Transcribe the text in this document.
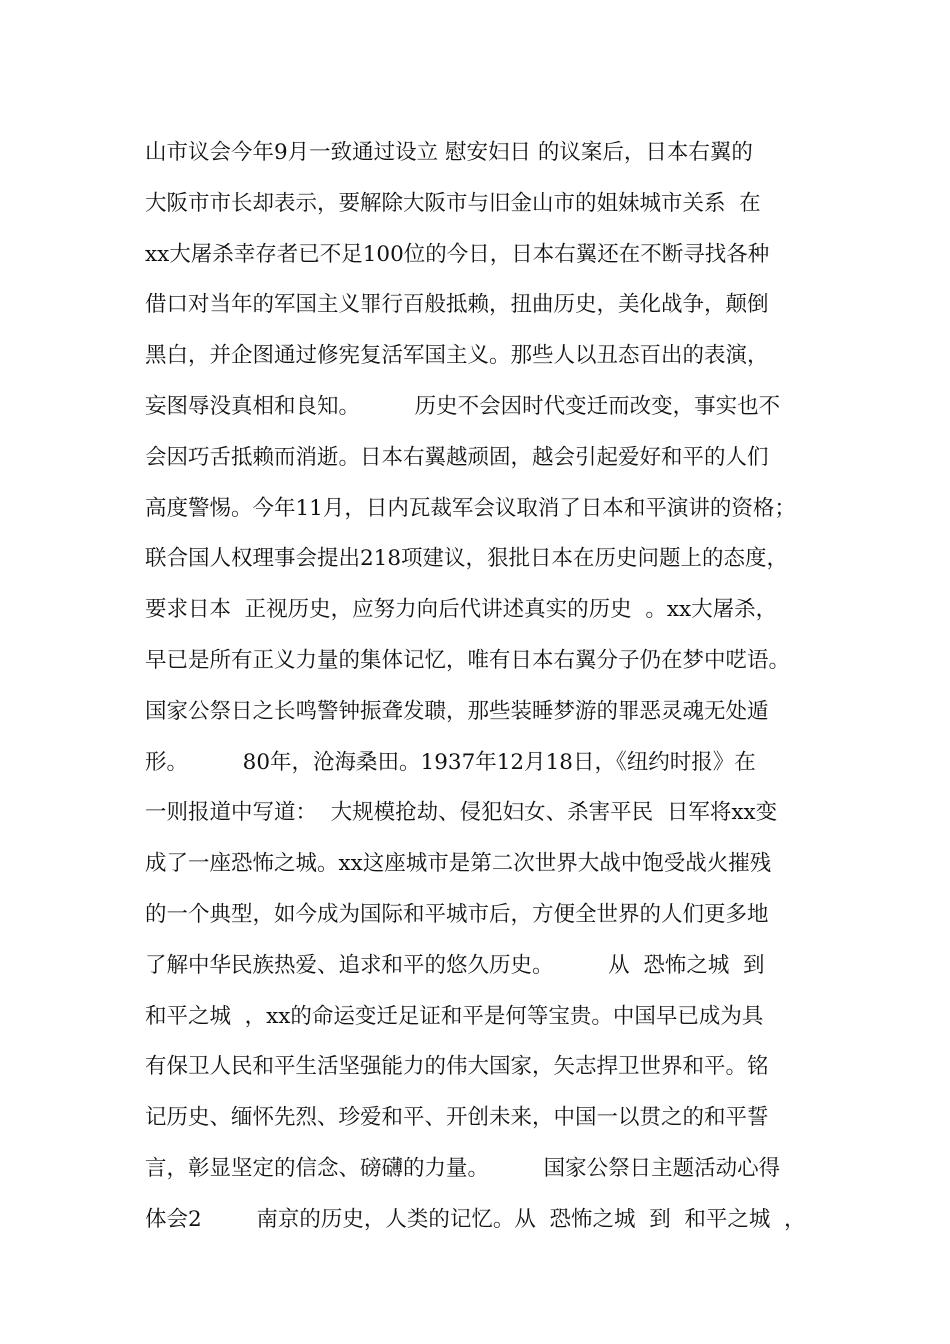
山市议会今年9月一致通过设立 慰安妇日 的议案后，日本右翼的
大阪市市长却表示，要解除大阪市与旧金山市的姐妹城市关系  在
xx大屠杀幸存者已不足100位的今日，日本右翼还在不断寻找各种
借口对当年的军国主义罪行百般抵赖，扭曲历史，美化战争，颠倒
黑白，并企图通过修宪复活军国主义。那些人以丑态百出的表演，
妄图辱没真相和良知。        历史不会因时代变迁而改变，事实也不
会因巧舌抵赖而消逝。日本右翼越顽固，越会引起爱好和平的人们
高度警惕。今年11月，日内瓦裁军会议取消了日本和平演讲的资格；
联合国人权理事会提出218项建议，狠批日本在历史问题上的态度，
要求日本  正视历史，应努力向后代讲述真实的历史  。xx大屠杀，
早已是所有正义力量的集体记忆，唯有日本右翼分子仍在梦中呓语。
国家公祭日之长鸣警钟振聋发聩，那些装睡梦游的罪恶灵魂无处遁
形。        80年，沧海桑田。1937年12月18日，《纽约时报》在
一则报道中写道：  大规模抢劫、侵犯妇女、杀害平民  日军将xx变
成了一座恐怖之城。xx这座城市是第二次世界大战中饱受战火摧残
的一个典型，如今成为国际和平城市后，方便全世界的人们更多地
了解中华民族热爱、追求和平的悠久历史。        从  恐怖之城  到
和平之城  ，xx的命运变迁足证和平是何等宝贵。中国早已成为具
有保卫人民和平生活坚强能力的伟大国家，矢志捍卫世界和平。铭
记历史、缅怀先烈、珍爱和平、开创未来，中国一以贯之的和平誓
言，彰显坚定的信念、磅礴的力量。        国家公祭日主题活动心得
体会2        南京的历史，人类的记忆。从  恐怖之城  到  和平之城  ，
